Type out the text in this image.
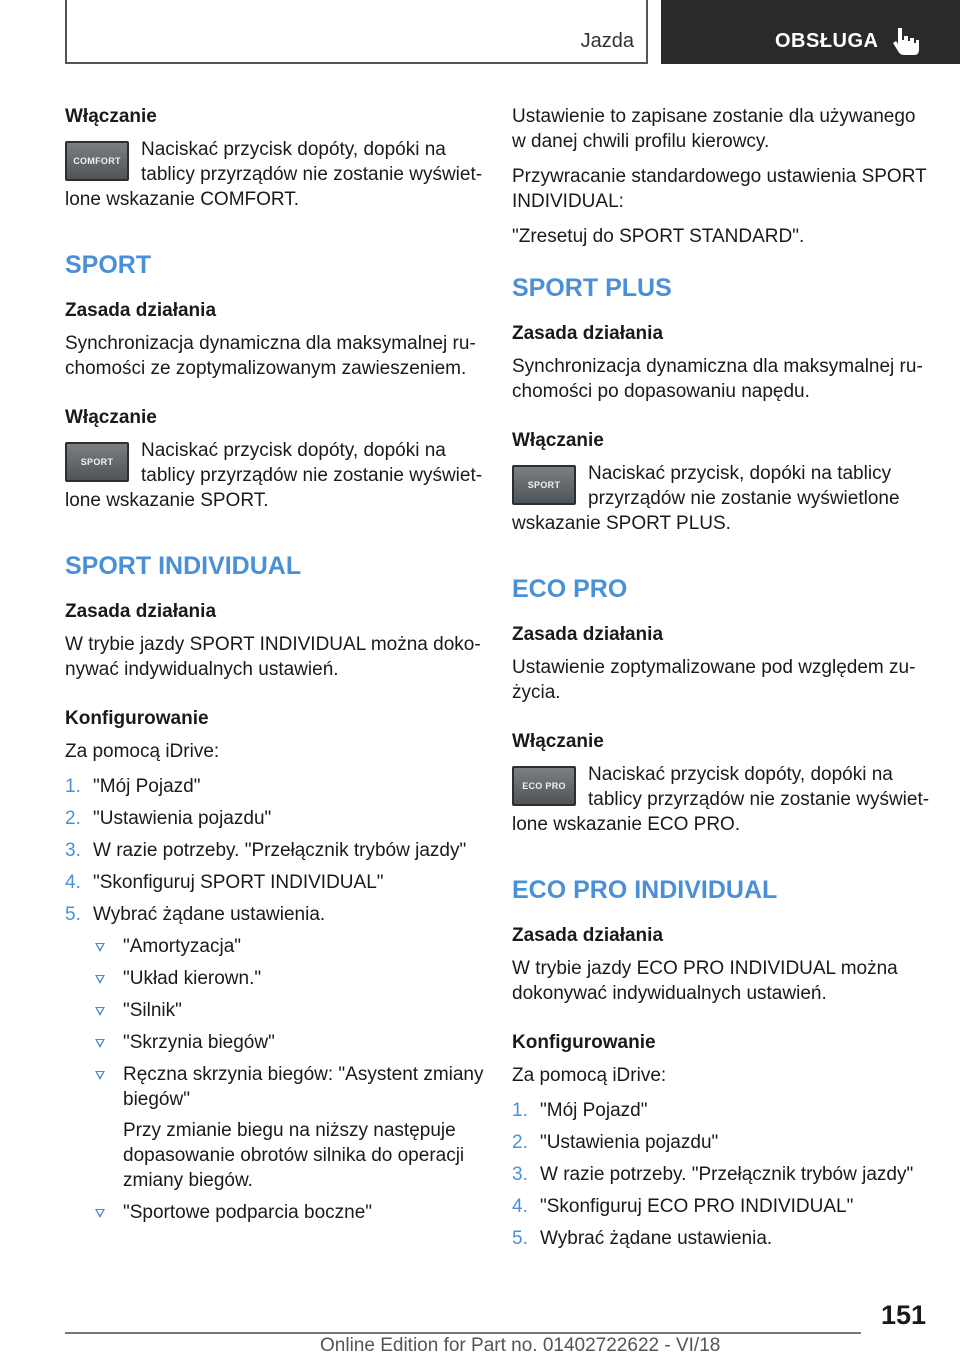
Jazda	OBSŁUGA
Włączanie
COMFORT
Naciskać przycisk dopóty, dopóki na tablicy przyrządów nie zostanie wyświetlone wskazanie COMFORT.
SPORT
Zasada działania

Synchronizacja dynamiczna dla maksymalnej ruchomości ze zoptymalizowanym zawieszeniem.

Włączanie
SPORT
Naciskać przycisk dopóty, dopóki na tablicy przyrządów nie zostanie wyświetlone wskazanie SPORT.
SPORT INDIVIDUAL
Zasada działania

W trybie jazdy SPORT INDIVIDUAL można dokonywać indywidualnych ustawień.

Konfigurowanie

Za pomocą iDrive:

1. "Mój Pojazd"
2. "Ustawienia pojazdu"
3. W razie potrzeby. "Przełącznik trybów jazdy"
4. "Skonfiguruj SPORT INDIVIDUAL"
5. Wybrać żądane ustawienia.
"Amortyzacja"
"Układ kierown."
"Silnik"
"Skrzynia biegów"
Ręczna skrzynia biegów: "Asystent zmiany biegów"
Przy zmianie biegu na niższy następuje dopasowanie obrotów silnika do operacji zmiany biegów.
"Sportowe podparcia boczne"

Ustawienie to zapisane zostanie dla używanego w danej chwili profilu kierowcy.

Przywracanie standardowego ustawienia SPORT INDIVIDUAL:

"Zresetuj do SPORT STANDARD".

SPORT PLUS
Zasada działania

Synchronizacja dynamiczna dla maksymalnej ruchomości po dopasowaniu napędu.

Włączanie
SPORT
Naciskać przycisk, dopóki na tablicy przyrządów nie zostanie wyświetlone wskazanie SPORT PLUS.
ECO PRO
Zasada działania

Ustawienie zoptymalizowane pod względem zużycia.

Włączanie
ECO PRO
Naciskać przycisk dopóty, dopóki na tablicy przyrządów nie zostanie wyświetlone wskazanie ECO PRO.
ECO PRO INDIVIDUAL
Zasada działania

W trybie jazdy ECO PRO INDIVIDUAL można dokonywać indywidualnych ustawień.

Konfigurowanie

Za pomocą iDrive:

1. "Mój Pojazd"
2. "Ustawienia pojazdu"
3. W razie potrzeby. "Przełącznik trybów jazdy"
4. "Skonfiguruj ECO PRO INDIVIDUAL"
5. Wybrać żądane ustawienia.
151
Online Edition for Part no. 01402722622 - VI/18
